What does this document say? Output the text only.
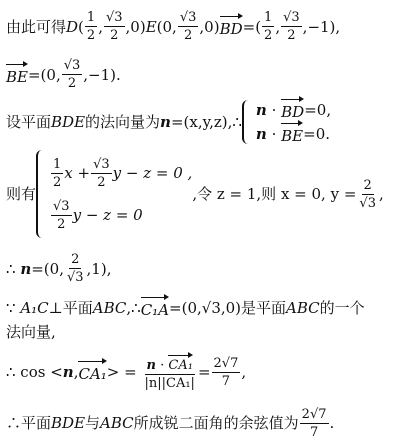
由此可得 D ( $\frac{1}{2}$ , $\frac{√3}{2} ,0$) E (0, $\frac{√3}{2} ,0$) BD =( $\frac{1}{2}$ , $\frac{√3}{2} ,-1$),
BE =(0, $\frac{√3}{2} ,-1$).
设平面 BDE 的法向量为 n =(x,y,z),∴
n
·
BD =0,
n
·
BE =0.
则有
$\frac{1}{2}$ $x + \frac{√3}{2}$ y − z = 0 ,
$\frac{√3}{2}$ y − z = 0
,令 z = 1,则 x = 0, $y = \frac{2}{√3}$ ,
∴
n =(0, $\frac{2}{√3} ,1$),
∵
A₁C ⊥平面 ABC ,∴ C₁A =(0,√3,0)是平面 ABC 的一个
法向量,
∴ cos < n , CA₁ > =
$\frac{\text{n · CA₁}}{\text{|n||CA₁|}} = \frac{2√7}{7}$ ,
∴平面 BDE 与 ABC 所成锐二面角的余弦值为 $\frac{2√7}{7}$ .
